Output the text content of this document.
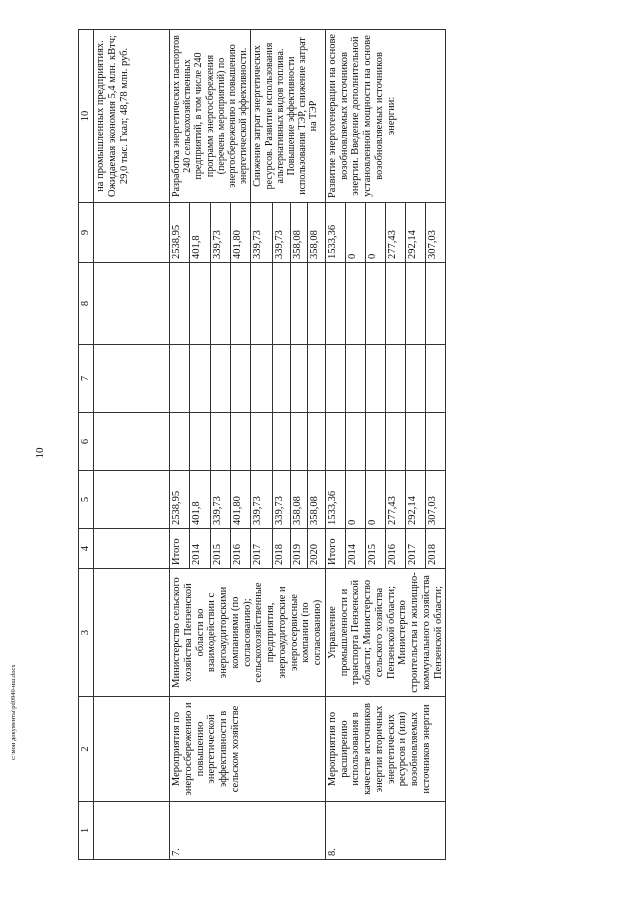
10
c:\мои документы\pd0940-нш.docx
1	2	3	4	5	6	7	8	9	10
									на промышленных предприятиях. Ожидаемая экономия 5,4 млн. кВтч; 29,0 тыс. Гкал; 48,78 млн. руб.
7.	Мероприятия по энергосбережению и повышению энергетической эффективности в сельском хозяйстве	Министерство сельского хозяйства Пензенской области во взаимодействии с энергоаудиторскими компаниями (по согласованию); сельскохозяйственные предприятия, энергоаудиторские и энергосервисные компании (по согласованию)	Итого	2538,95				2538,95	Разработка энергетических паспортов 240 сельскохозяйственных предприятий, в том числе 240 программ энергосбережения (перечень мероприятий) по энергосбережению и повышению энергетической эффективности.
			2014	401,8				401,8	
			2015	339,73				339,73	
			2016	401,80				401,80	
			2017	339,73				339,73	Снижение затрат энергетических ресурсов. Развитие использования альтернативных видов топлива. Повышение эффективности использования ТЭР, снижение затрат на ТЭР
			2018	339,73				339,73	
			2019	358,08				358,08	
			2020	358,08				358,08	
8.	Мероприятия по расширению использования в качестве источников энергии вторичных энергетических ресурсов и (или) возобновляемых источников энергии	Управление промышленности и транспорта Пензенской области; Министерство сельского хозяйства Пензенской области; Министерство строительства и жилищно-коммунального хозяйства Пензенской области;	Итого	1533,36				1533,36	Развитие энергогенерации на основе возобновляемых источников энергии. Введение дополнительной установленной мощности на основе возобновляемых источников энергии:
			2014	0				0	
			2015	0				0	
			2016	277,43				277,43	
			2017	292,14				292,14	
			2018	307,03				307,03	
